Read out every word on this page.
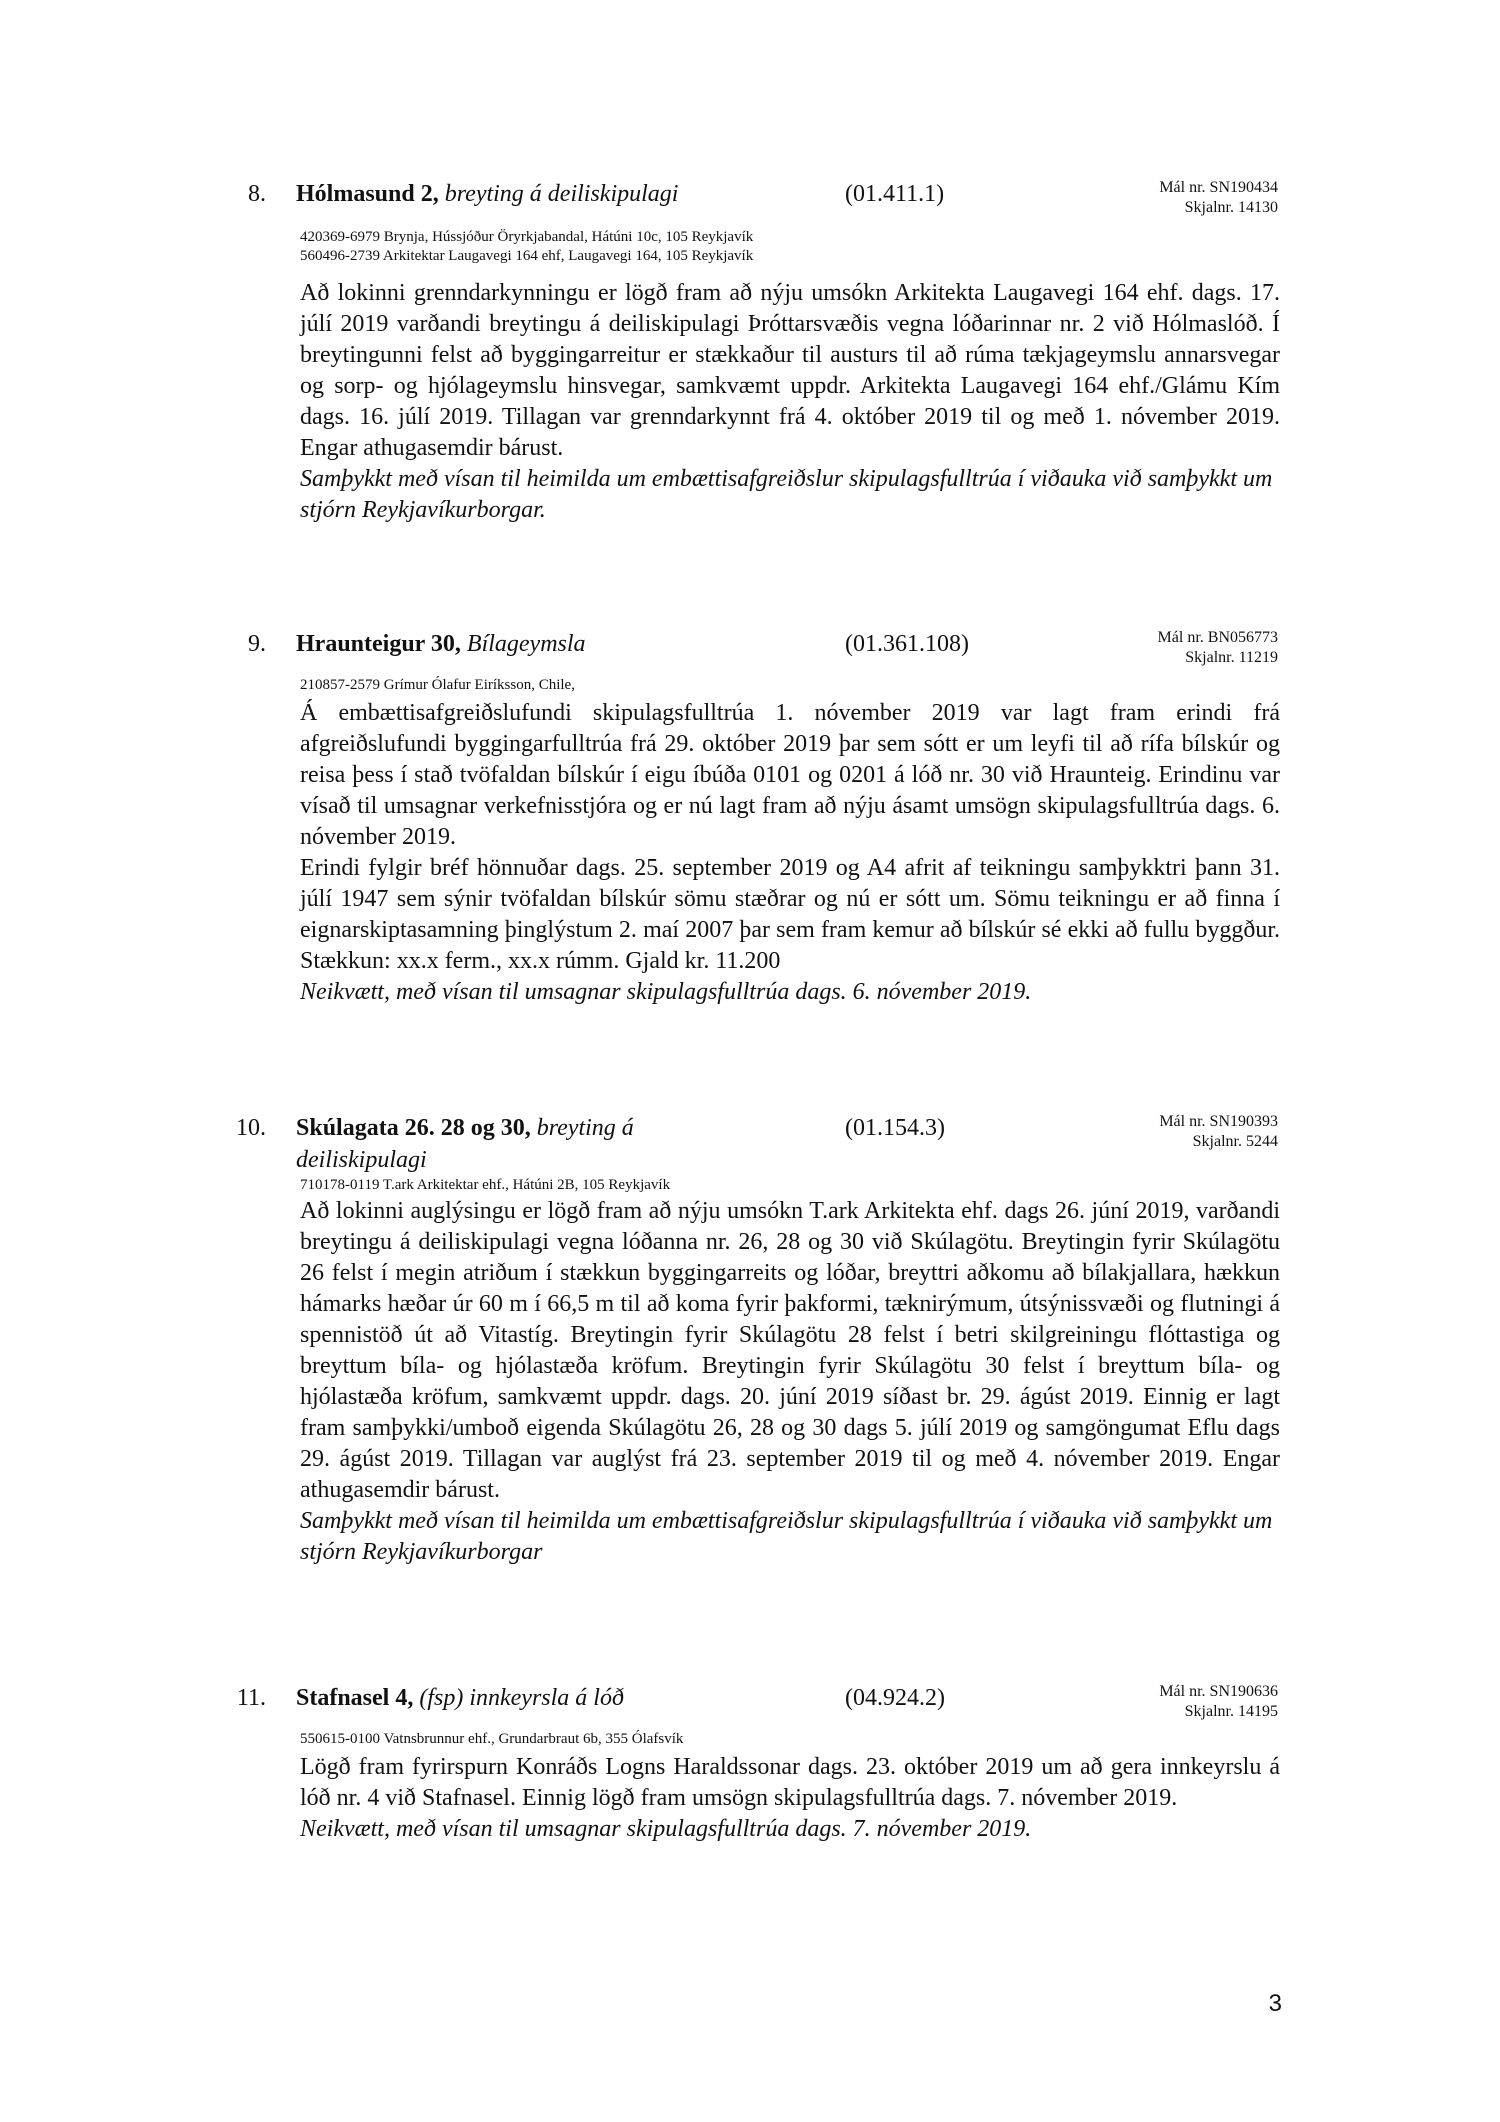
8. Hólmasund 2, breyting á deiliskipulagi	(01.411.1)	Mál nr. SN190434
Skjalnr. 14130
420369-6979 Brynja, Hússjóður Öryrkjabandal, Hátúni 10c, 105 Reykjavík
560496-2739 Arkitektar Laugavegi 164 ehf, Laugavegi 164, 105 Reykjavík

Að lokinni grenndarkynningu er lögð fram að nýju umsókn Arkitekta Laugavegi 164 ehf. dags. 17. júlí 2019 varðandi breytingu á deiliskipulagi Þróttarsvæðis vegna lóðarinnar nr. 2 við Hólmaslóð. Í breytingunni felst að byggingarreitur er stækkaður til austurs til að rúma tækjageymslu annarsvegar og sorp- og hjólageymslu hinsvegar, samkvæmt uppdr. Arkitekta Laugavegi 164 ehf./Glámu Kím dags. 16. júlí 2019. Tillagan var grenndarkynnt frá 4. október 2019 til og með 1. nóvember 2019. Engar athugasemdir bárust.

Samþykkt með vísan til heimilda um embættisafgreiðslur skipulagsfulltrúa í viðauka við samþykkt um stjórn Reykjavíkurborgar.

9. Hraunteigur 30, Bílageymsla	(01.361.108)	Mál nr. BN056773
Skjalnr. 11219
210857-2579 Grímur Ólafur Eiríksson, Chile,

Á embættisafgreiðslufundi skipulagsfulltrúa 1. nóvember 2019 var lagt fram erindi frá afgreiðslufundi byggingarfulltrúa frá 29. október 2019 þar sem sótt er um leyfi til að rífa bílskúr og reisa þess í stað tvöfaldan bílskúr í eigu íbúða 0101 og 0201 á lóð nr. 30 við Hraunteig. Erindinu var vísað til umsagnar verkefnisstjóra og er nú lagt fram að nýju ásamt umsögn skipulagsfulltrúa dags. 6. nóvember 2019.

Erindi fylgir bréf hönnuðar dags. 25. september 2019 og A4 afrit af teikningu samþykktri þann 31. júlí 1947 sem sýnir tvöfaldan bílskúr sömu stæðrar og nú er sótt um. Sömu teikningu er að finna í eignarskiptasamning þinglýstum 2. maí 2007 þar sem fram kemur að bílskúr sé ekki að fullu byggður. Stækkun: xx.x ferm., xx.x rúmm. Gjald kr. 11.200

Neikvætt, með vísan til umsagnar skipulagsfulltrúa dags. 6. nóvember 2019.

10. Skúlagata 26. 28 og 30, breyting á deiliskipulagi
(01.154.3)	Mál nr. SN190393
Skjalnr. 5244
710178-0119 T.ark Arkitektar ehf., Hátúni 2B, 105 Reykjavík

Að lokinni auglýsingu er lögð fram að nýju umsókn T.ark Arkitekta ehf. dags 26. júní 2019, varðandi breytingu á deiliskipulagi vegna lóðanna nr. 26, 28 og 30 við Skúlagötu. Breytingin fyrir Skúlagötu 26 felst í megin atriðum í stækkun byggingarreits og lóðar, breyttri aðkomu að bílakjallara, hækkun hámarks hæðar úr 60 m í 66,5 m til að koma fyrir þakformi, tæknirýmum, útsýnissvæði og flutningi á spennistöð út að Vitastíg. Breytingin fyrir Skúlagötu 28 felst í betri skilgreiningu flóttastiga og breyttum bíla- og hjólastæða kröfum. Breytingin fyrir Skúlagötu 30 felst í breyttum bíla- og hjólastæða kröfum, samkvæmt uppdr. dags. 20. júní 2019 síðast br. 29. ágúst 2019. Einnig er lagt fram samþykki/umboð eigenda Skúlagötu 26, 28 og 30 dags 5. júlí 2019 og samgöngumat Eflu dags 29. ágúst 2019. Tillagan var auglýst frá 23. september 2019 til og með 4. nóvember 2019. Engar athugasemdir bárust.

Samþykkt með vísan til heimilda um embættisafgreiðslur skipulagsfulltrúa í viðauka við samþykkt um stjórn Reykjavíkurborgar

11. Stafnasel 4, (fsp) innkeyrsla á lóð	(04.924.2)	Mál nr. SN190636
Skjalnr. 14195
550615-0100 Vatnsbrunnur ehf., Grundarbraut 6b, 355 Ólafsvík

Lögð fram fyrirspurn Konráðs Logns Haraldssonar dags. 23. október 2019 um að gera innkeyrslu á lóð nr. 4 við Stafnasel. Einnig lögð fram umsögn skipulagsfulltrúa dags. 7. nóvember 2019.

Neikvætt, með vísan til umsagnar skipulagsfulltrúa dags. 7. nóvember 2019.

3
